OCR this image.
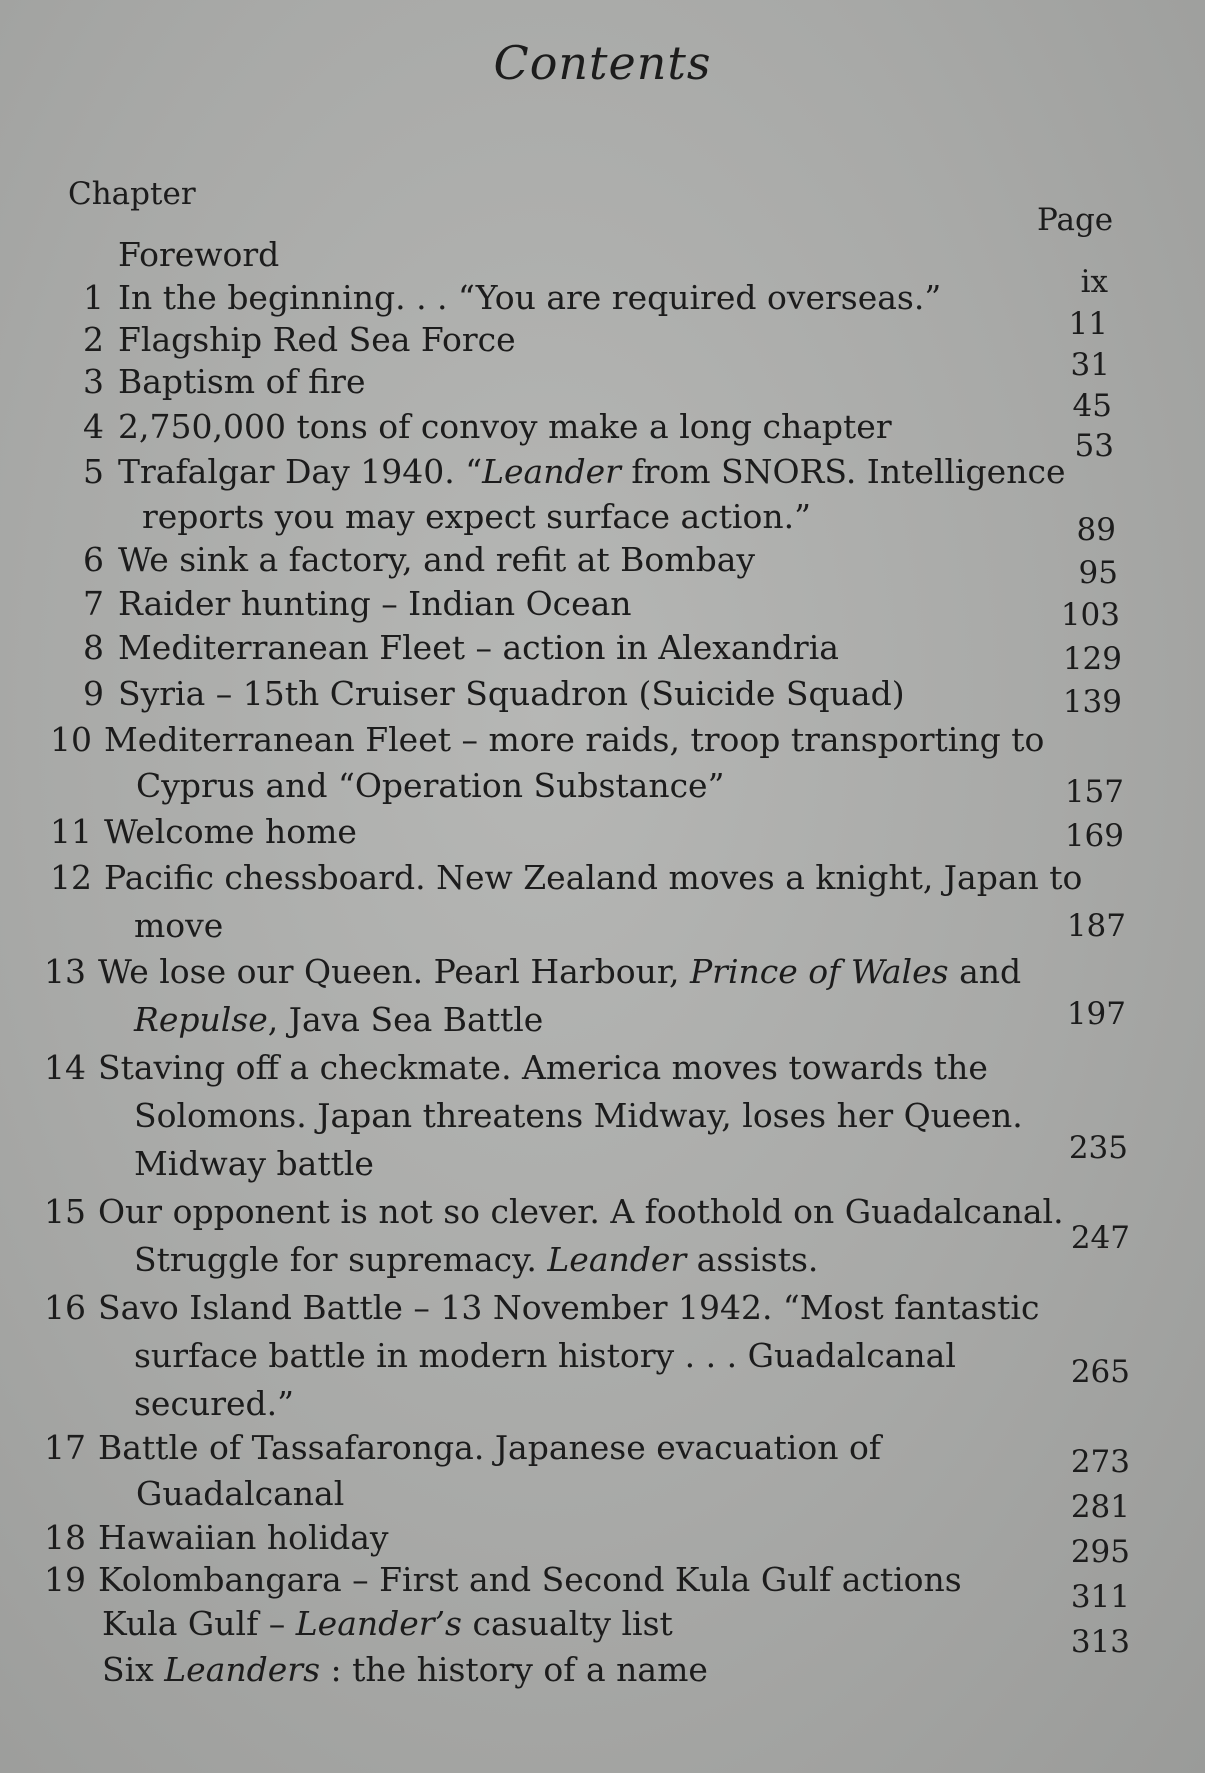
Contents
Chapter
Page
Foreword
1 In the beginning. . . “You are required overseas.”
2 Flagship Red Sea Force
3 Baptism of fire
4 2,750,000 tons of convoy make a long chapter
5 Trafalgar Day 1940. “Leander from SNORS. Intelligence
reports you may expect surface action.”
6 We sink a factory, and refit at Bombay
7 Raider hunting – Indian Ocean
8 Mediterranean Fleet – action in Alexandria
9 Syria – 15th Cruiser Squadron (Suicide Squad)
10 Mediterranean Fleet – more raids, troop transporting to
Cyprus and “Operation Substance”
11 Welcome home
12 Pacific chessboard. New Zealand moves a knight, Japan to
move
13 We lose our Queen. Pearl Harbour, Prince of Wales and
Repulse, Java Sea Battle
14 Staving off a checkmate. America moves towards the
Solomons. Japan threatens Midway, loses her Queen.
Midway battle
15 Our opponent is not so clever. A foothold on Guadalcanal.
Struggle for supremacy. Leander assists.
16 Savo Island Battle – 13 November 1942. “Most fantastic
surface battle in modern history . . . Guadalcanal
secured.”
17 Battle of Tassafaronga. Japanese evacuation of
Guadalcanal
18 Hawaiian holiday
19 Kolombangara – First and Second Kula Gulf actions
Kula Gulf – Leander’s casualty list
Six Leanders : the history of a name
ix
11
31
45
53
89
95
103
129
139
157
169
187
197
235
247
265
273
281
295
311
313
